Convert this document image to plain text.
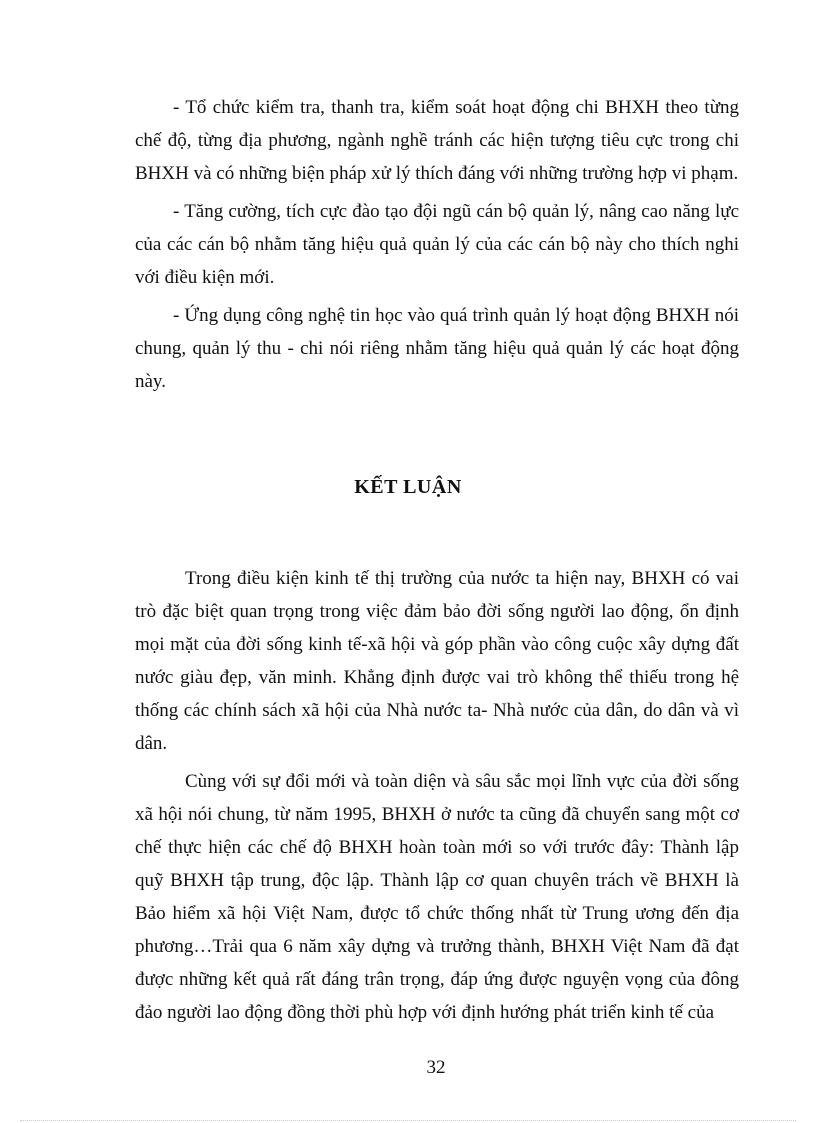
- Tổ chức kiểm tra, thanh tra, kiểm soát hoạt động chi BHXH theo từng chế độ, từng địa phương, ngành nghề tránh các hiện tượng tiêu cực trong chi BHXH và có những biện pháp xử lý thích đáng với những trường hợp vi phạm.

- Tăng cường, tích cực đào tạo đội ngũ cán bộ quản lý, nâng cao năng lực của các cán bộ nhằm tăng hiệu quả quản lý của các cán bộ này cho thích nghi với điều kiện mới.

- Ứng dụng công nghệ tin học vào quá trình quản lý hoạt động BHXH nói chung, quản lý thu - chi nói riêng nhằm tăng hiệu quả quản lý các hoạt động này.

KẾT LUẬN

Trong điều kiện kinh tế thị trường của nước ta hiện nay, BHXH có vai trò đặc biệt quan trọng trong việc đảm bảo đời sống người lao động, ổn định mọi mặt của đời sống kinh tế-xã hội và góp phần vào công cuộc xây dựng đất nước giàu đẹp, văn minh. Khẳng định được vai trò không thể thiếu trong hệ thống các chính sách xã hội của Nhà nước ta- Nhà nước của dân, do dân và vì dân.

Cùng với sự đổi mới và toàn diện và sâu sắc mọi lĩnh vực của đời sống xã hội nói chung, từ năm 1995, BHXH ở nước ta cũng đã chuyển sang một cơ chế thực hiện các chế độ BHXH hoàn toàn mới so với trước đây: Thành lập quỹ BHXH tập trung, độc lập. Thành lập cơ quan chuyên trách về BHXH là Bảo hiểm xã hội Việt Nam, được tổ chức thống nhất từ Trung ương đến địa phương…Trải qua 6 năm xây dựng và trưởng thành, BHXH Việt Nam đã đạt được những kết quả rất đáng trân trọng, đáp ứng được nguyện vọng của đông đảo người lao động đồng thời phù hợp với định hướng phát triển kinh tế của

32
